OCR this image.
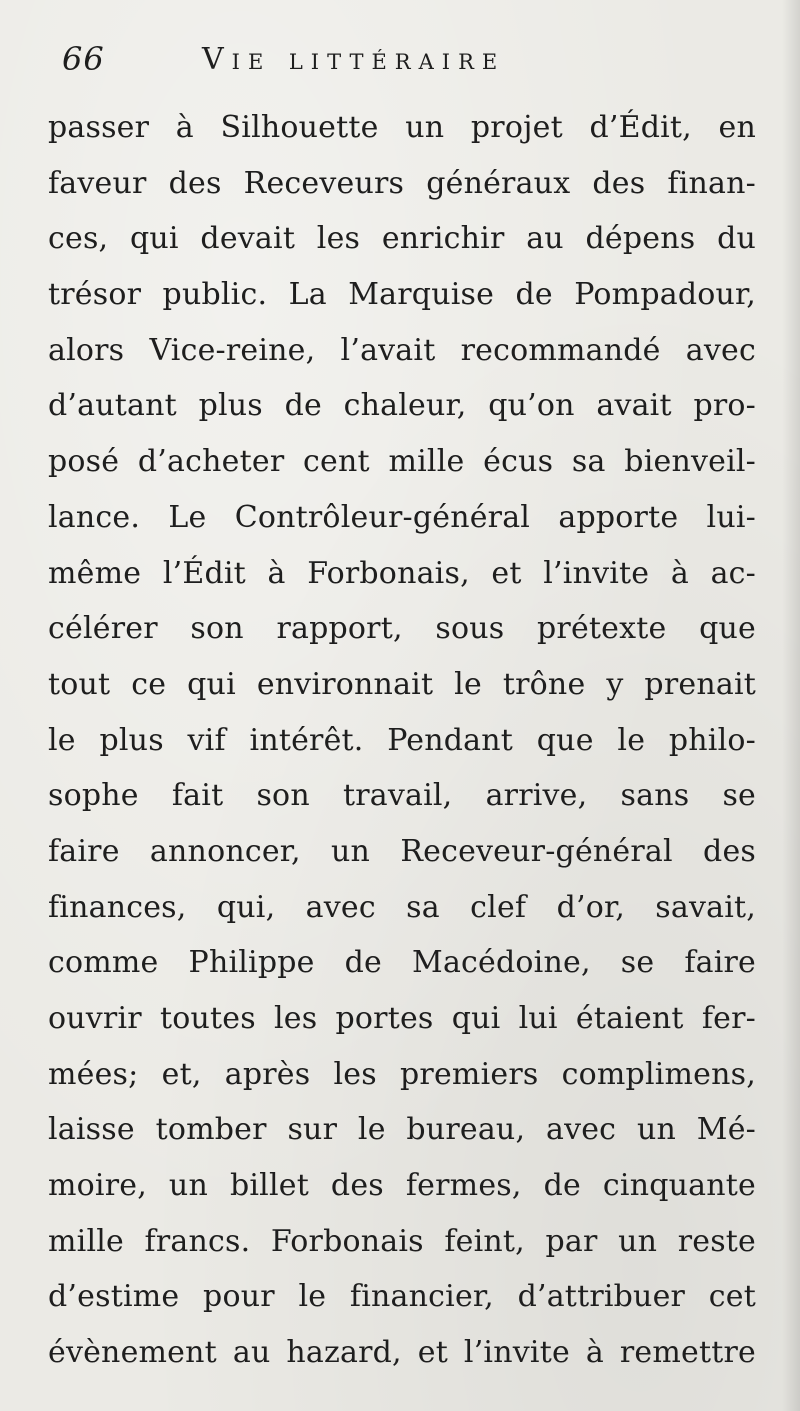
66	Vie littéraire
passer à Silhouette un projet d’Édit, en
faveur des Receveurs généraux des finan-
ces, qui devait les enrichir au dépens du
trésor public. La Marquise de Pompadour,
alors Vice-reine, l’avait recommandé avec
d’autant plus de chaleur, qu’on avait pro-
posé d’acheter cent mille écus sa bienveil-
lance. Le Contrôleur-général apporte lui-
même l’Édit à Forbonais, et l’invite à ac-
célérer son rapport, sous prétexte que
tout ce qui environnait le trône y prenait
le plus vif intérêt. Pendant que le philo-
sophe fait son travail, arrive, sans se
faire annoncer, un Receveur-général des
finances, qui, avec sa clef d’or, savait,
comme Philippe de Macédoine, se faire
ouvrir toutes les portes qui lui étaient fer-
mées; et, après les premiers complimens,
laisse tomber sur le bureau, avec un Mé-
moire, un billet des fermes, de cinquante
mille francs. Forbonais feint, par un reste
d’estime pour le financier, d’attribuer cet
évènement au hazard, et l’invite à remettre
